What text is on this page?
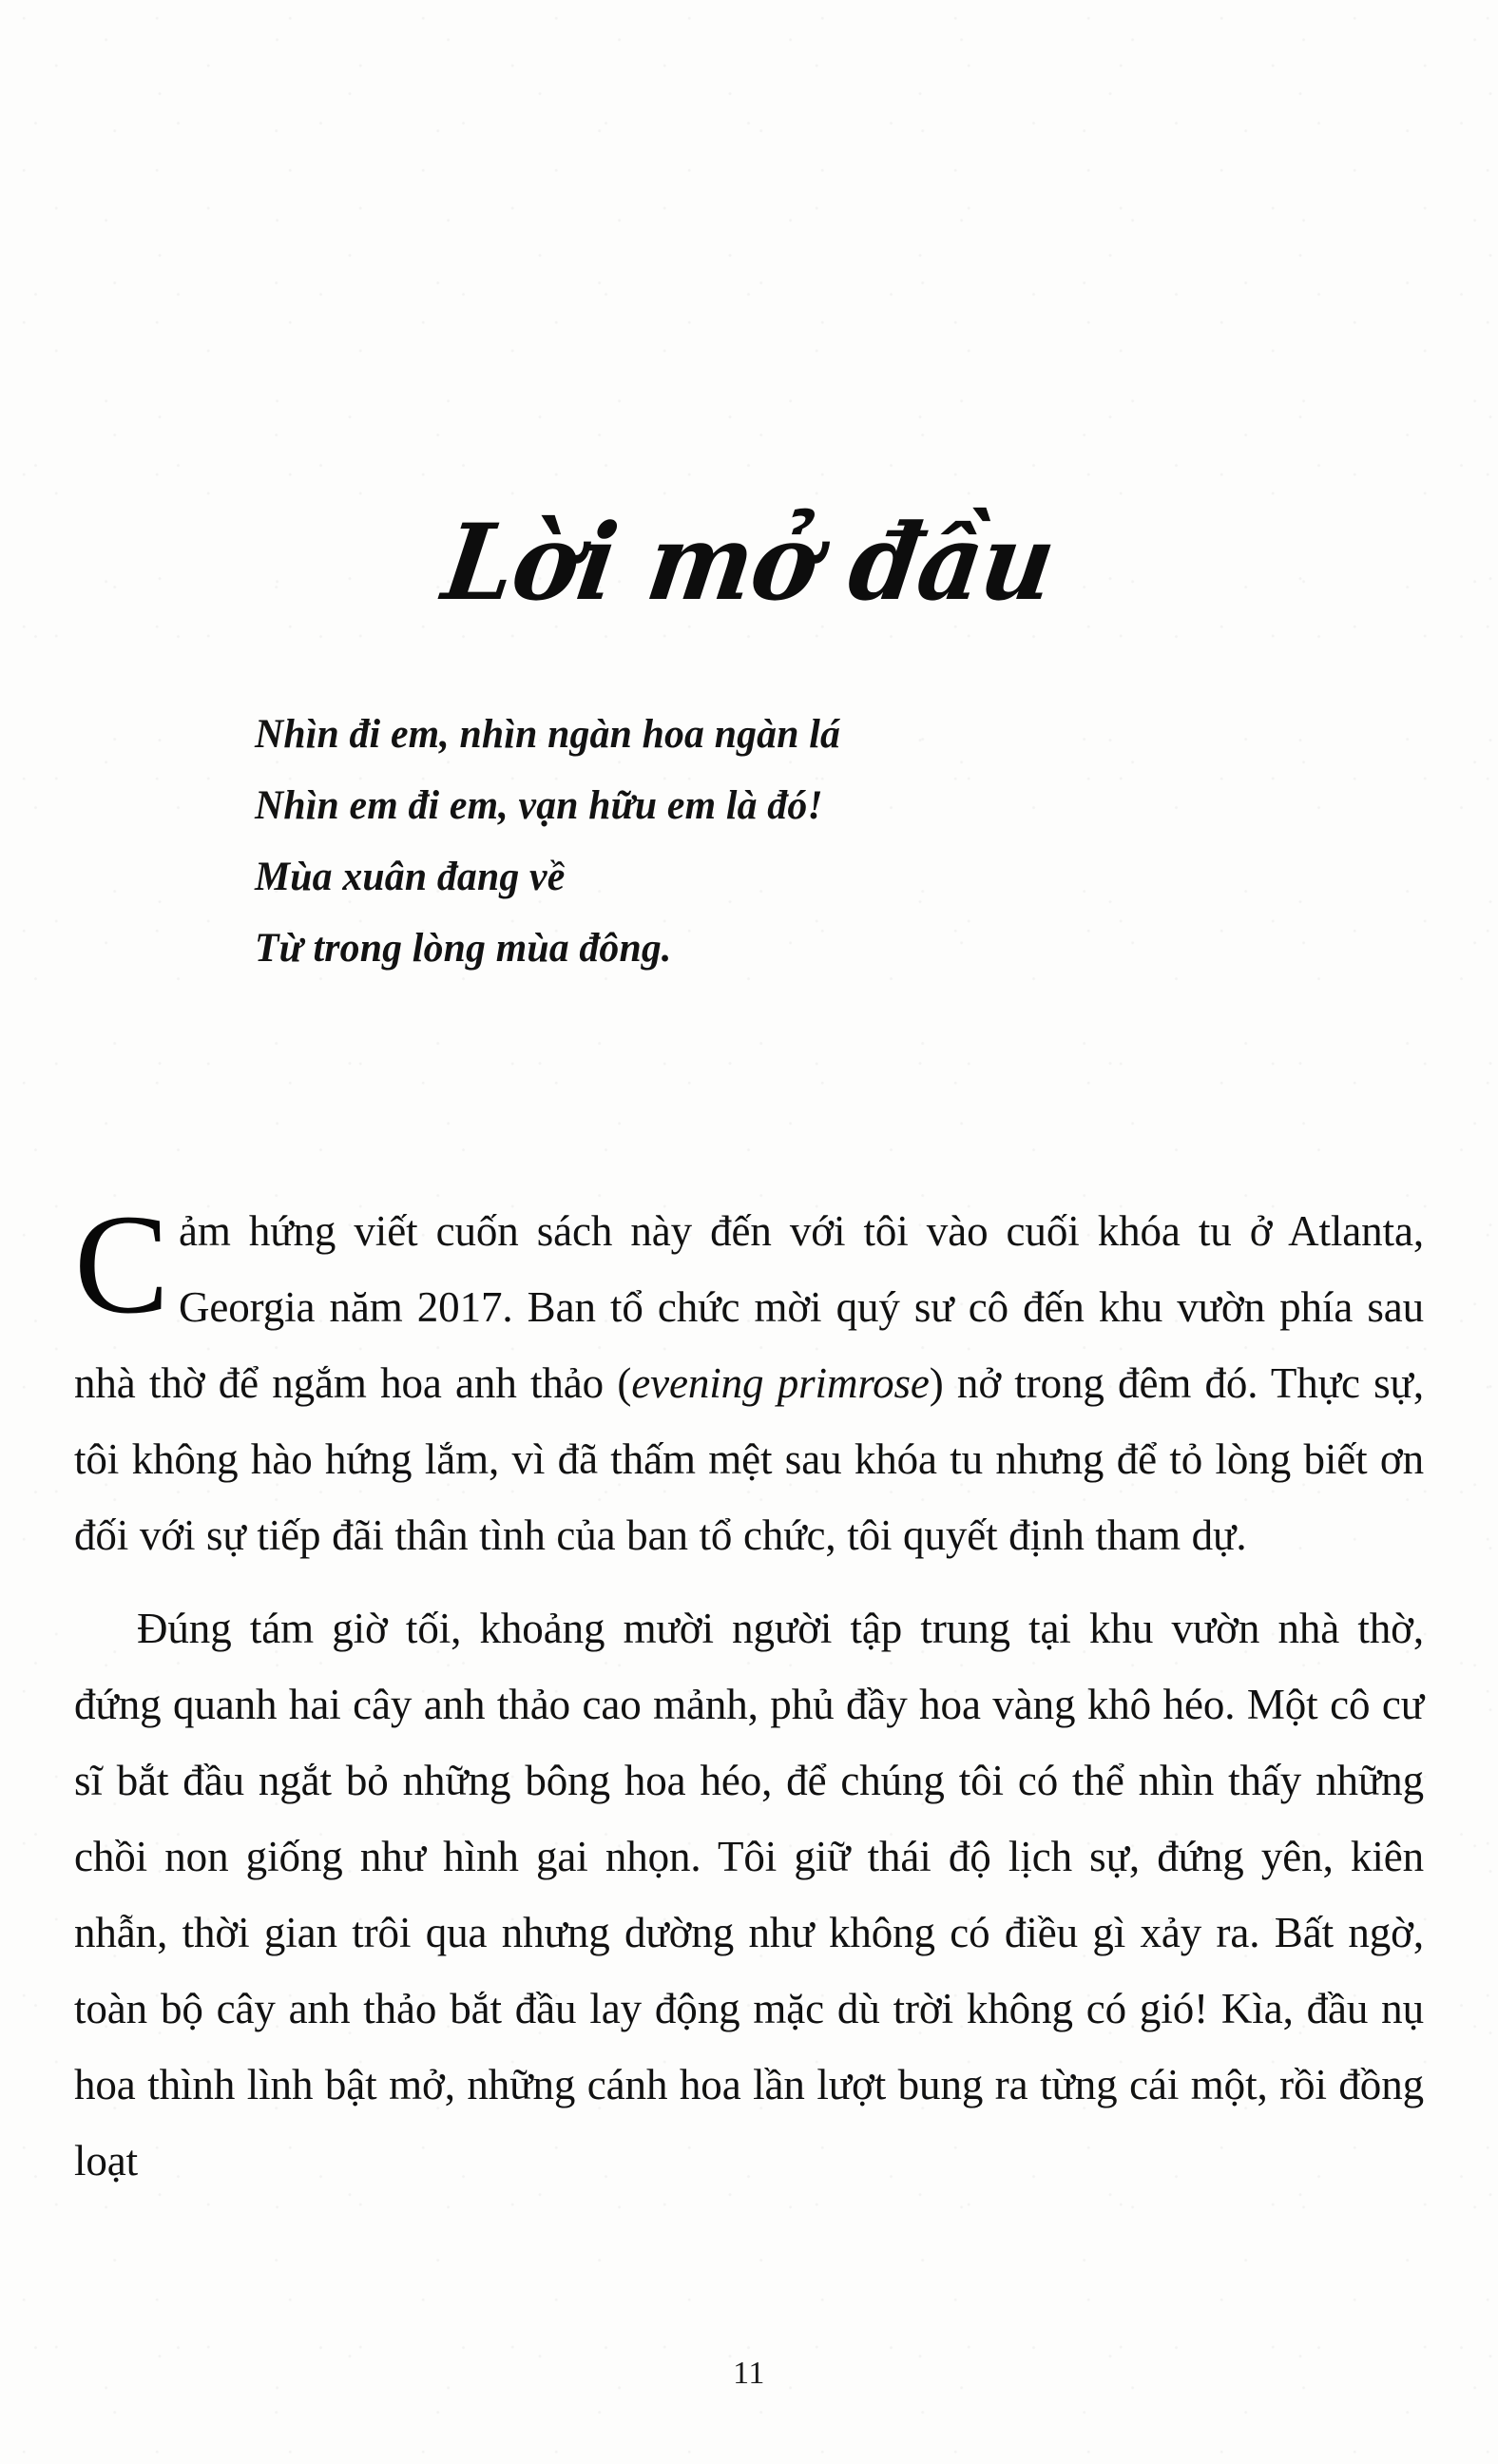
Lời mở đầu
Nhìn đi em, nhìn ngàn hoa ngàn lá
Nhìn em đi em, vạn hữu em là đó!
Mùa xuân đang về
Từ trong lòng mùa đông.

Cảm hứng viết cuốn sách này đến với tôi vào cuối khóa tu ở Atlanta, Georgia năm 2017. Ban tổ chức mời quý sư cô đến khu vườn phía sau nhà thờ để ngắm hoa anh thảo (evening primrose) nở trong đêm đó. Thực sự, tôi không hào hứng lắm, vì đã thấm mệt sau khóa tu nhưng để tỏ lòng biết ơn đối với sự tiếp đãi thân tình của ban tổ chức, tôi quyết định tham dự.

Đúng tám giờ tối, khoảng mười người tập trung tại khu vườn nhà thờ, đứng quanh hai cây anh thảo cao mảnh, phủ đầy hoa vàng khô héo. Một cô cư sĩ bắt đầu ngắt bỏ những bông hoa héo, để chúng tôi có thể nhìn thấy những chồi non giống như hình gai nhọn. Tôi giữ thái độ lịch sự, đứng yên, kiên nhẫn, thời gian trôi qua nhưng dường như không có điều gì xảy ra. Bất ngờ, toàn bộ cây anh thảo bắt đầu lay động mặc dù trời không có gió! Kìa, đầu nụ hoa thình lình bật mở, những cánh hoa lần lượt bung ra từng cái một, rồi đồng loạt

11
